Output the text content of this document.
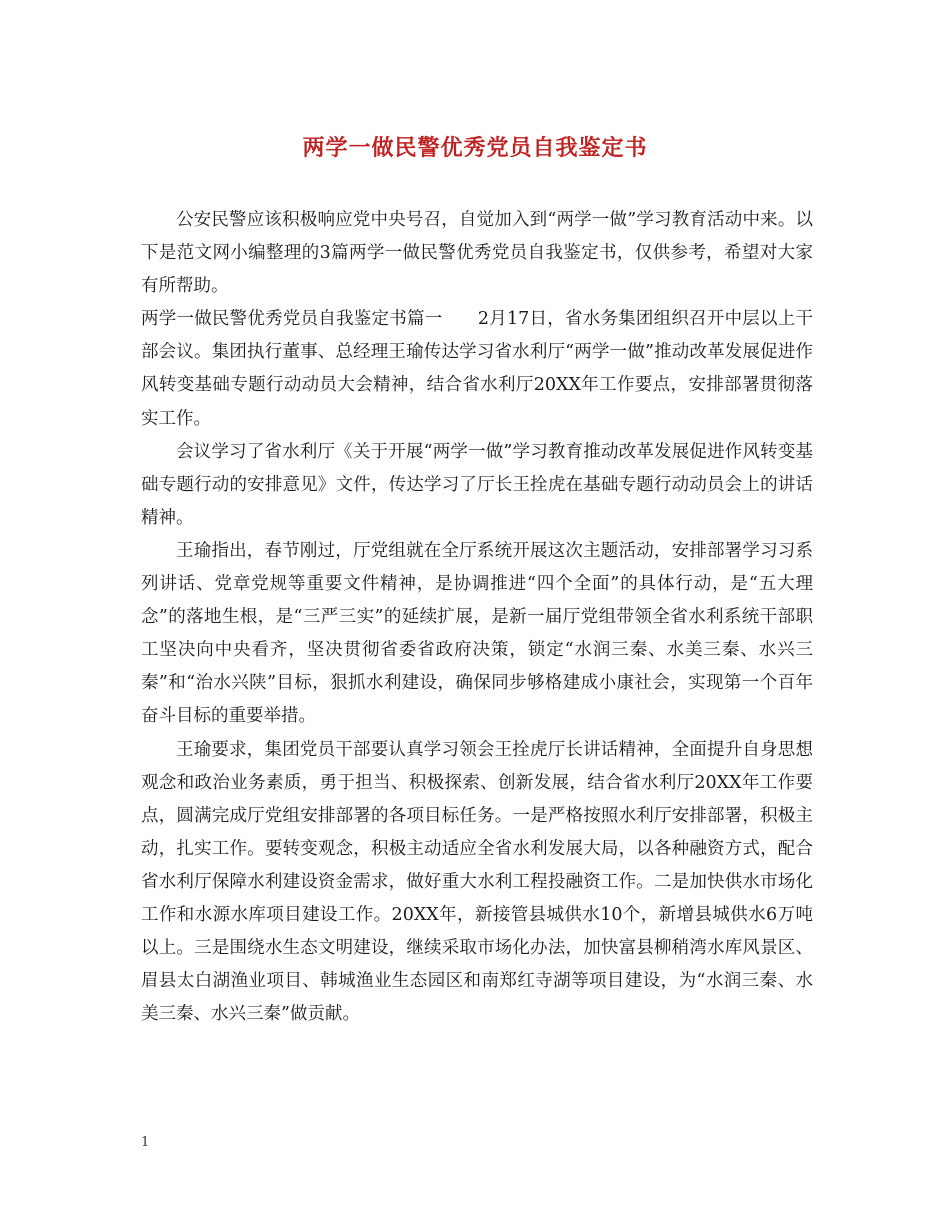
两学一做民警优秀党员自我鉴定书

公安民警应该积极响应党中央号召，自觉加入到“两学一做”学习教育活动中来。以下是范文网小编整理的3篇两学一做民警优秀党员自我鉴定书，仅供参考，希望对大家有所帮助。

两学一做民警优秀党员自我鉴定书篇一　　2月17日，省水务集团组织召开中层以上干部会议。集团执行董事、总经理王瑜传达学习省水利厅“两学一做”推动改革发展促进作风转变基础专题行动动员大会精神，结合省水利厅20XX年工作要点，安排部署贯彻落实工作。

会议学习了省水利厅《关于开展“两学一做”学习教育推动改革发展促进作风转变基础专题行动的安排意见》文件，传达学习了厅长王拴虎在基础专题行动动员会上的讲话精神。

王瑜指出，春节刚过，厅党组就在全厅系统开展这次主题活动，安排部署学习习系列讲话、党章党规等重要文件精神，是协调推进“四个全面”的具体行动，是“五大理念”的落地生根，是“三严三实”的延续扩展，是新一届厅党组带领全省水利系统干部职工坚决向中央看齐，坚决贯彻省委省政府决策，锁定“水润三秦、水美三秦、水兴三秦”和“治水兴陕”目标，狠抓水利建设，确保同步够格建成小康社会，实现第一个百年奋斗目标的重要举措。

王瑜要求，集团党员干部要认真学习领会王拴虎厅长讲话精神，全面提升自身思想观念和政治业务素质，勇于担当、积极探索、创新发展，结合省水利厅20XX年工作要点，圆满完成厅党组安排部署的各项目标任务。一是严格按照水利厅安排部署，积极主动，扎实工作。要转变观念，积极主动适应全省水利发展大局，以各种融资方式，配合省水利厅保障水利建设资金需求，做好重大水利工程投融资工作。二是加快供水市场化工作和水源水库项目建设工作。20XX年，新接管县城供水10个，新增县城供水6万吨以上。三是围绕水生态文明建设，继续采取市场化办法，加快富县柳稍湾水库风景区、眉县太白湖渔业项目、韩城渔业生态园区和南郑红寺湖等项目建设，为“水润三秦、水美三秦、水兴三秦”做贡献。

1
